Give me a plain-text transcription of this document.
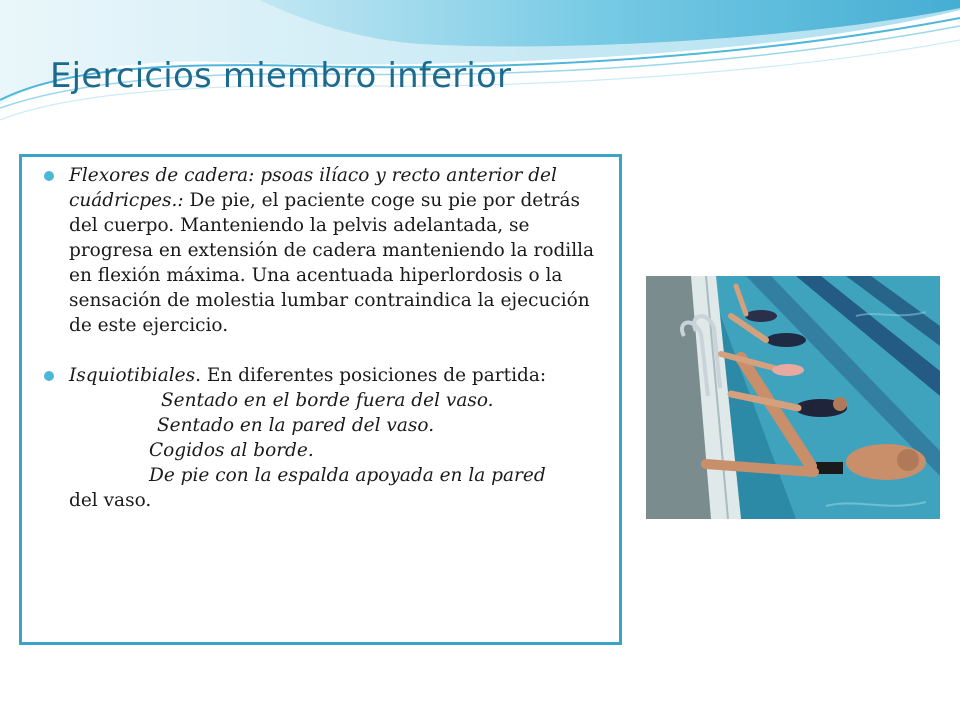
Ejercicios miembro inferior
Flexores de cadera: psoas ilíaco y recto anterior del cuádricpes.: De pie, el paciente coge su pie por detrás del cuerpo. Manteniendo la pelvis adelantada, se progresa en extensión de cadera manteniendo la rodilla en flexión máxima. Una acentuada hiperlordosis o la sensación de molestia lumbar contraindica la ejecución de este ejercicio.
Isquiotibiales. En diferentes posiciones de partida:
Sentado en el borde fuera del vaso.
Sentado en la pared del vaso.
Cogidos al borde.
De pie con la espalda apoyada en la pared
del vaso.
